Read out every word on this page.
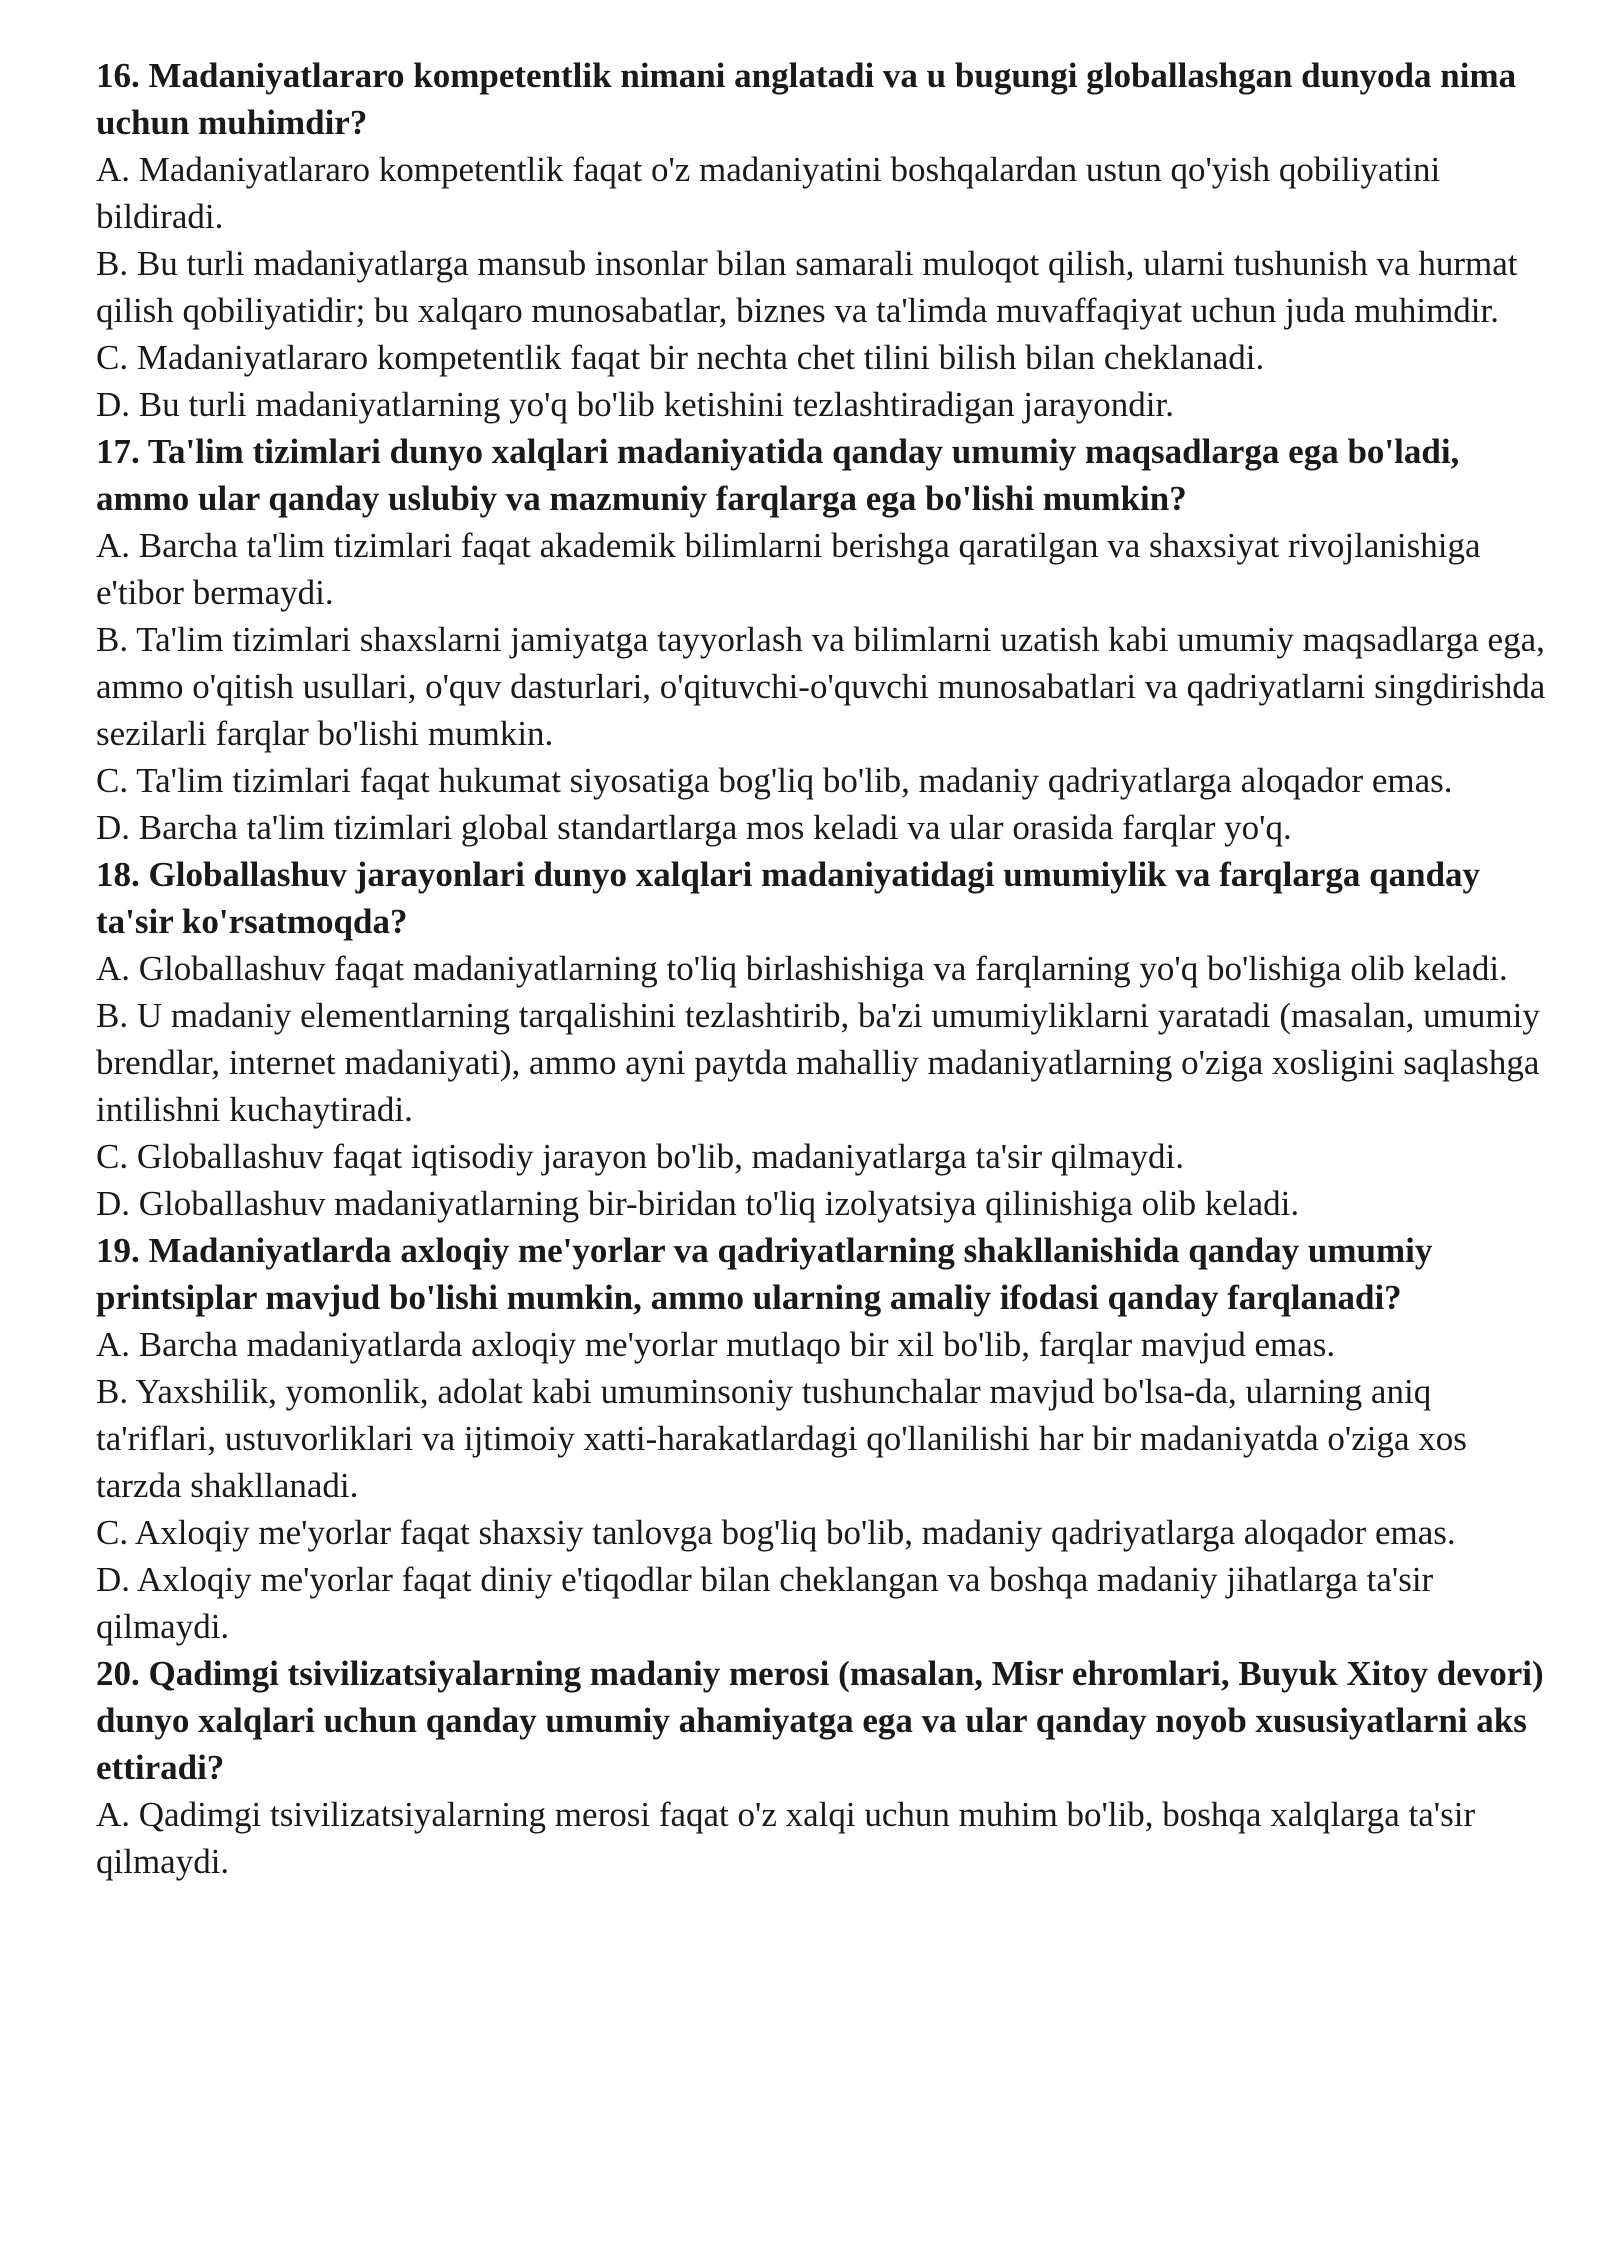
16. Madaniyatlararo kompetentlik nimani anglatadi va u bugungi globallashgan dunyoda nima uchun muhimdir?

A. Madaniyatlararo kompetentlik faqat o'z madaniyatini boshqalardan ustun qo'yish qobiliyatini bildiradi.

B. Bu turli madaniyatlarga mansub insonlar bilan samarali muloqot qilish, ularni tushunish va hurmat qilish qobiliyatidir; bu xalqaro munosabatlar, biznes va ta'limda muvaffaqiyat uchun juda muhimdir.

C. Madaniyatlararo kompetentlik faqat bir nechta chet tilini bilish bilan cheklanadi.

D. Bu turli madaniyatlarning yo'q bo'lib ketishini tezlashtiradigan jarayondir.

17. Ta'lim tizimlari dunyo xalqlari madaniyatida qanday umumiy maqsadlarga ega bo'ladi, ammo ular qanday uslubiy va mazmuniy farqlarga ega bo'lishi mumkin?

A. Barcha ta'lim tizimlari faqat akademik bilimlarni berishga qaratilgan va shaxsiyat rivojlanishiga e'tibor bermaydi.

B. Ta'lim tizimlari shaxslarni jamiyatga tayyorlash va bilimlarni uzatish kabi umumiy maqsadlarga ega, ammo o'qitish usullari, o'quv dasturlari, o'qituvchi-o'quvchi munosabatlari va qadriyatlarni singdirishda sezilarli farqlar bo'lishi mumkin.

C. Ta'lim tizimlari faqat hukumat siyosatiga bog'liq bo'lib, madaniy qadriyatlarga aloqador emas.

D. Barcha ta'lim tizimlari global standartlarga mos keladi va ular orasida farqlar yo'q.

18. Globallashuv jarayonlari dunyo xalqlari madaniyatidagi umumiylik va farqlarga qanday ta'sir ko'rsatmoqda?

A. Globallashuv faqat madaniyatlarning to'liq birlashishiga va farqlarning yo'q bo'lishiga olib keladi.

B. U madaniy elementlarning tarqalishini tezlashtirib, ba'zi umumiyliklarni yaratadi (masalan, umumiy brendlar, internet madaniyati), ammo ayni paytda mahalliy madaniyatlarning o'ziga xosligini saqlashga intilishni kuchaytiradi.

C. Globallashuv faqat iqtisodiy jarayon bo'lib, madaniyatlarga ta'sir qilmaydi.

D. Globallashuv madaniyatlarning bir-biridan to'liq izolyatsiya qilinishiga olib keladi.

19. Madaniyatlarda axloqiy me'yorlar va qadriyatlarning shakllanishida qanday umumiy printsiplar mavjud bo'lishi mumkin, ammo ularning amaliy ifodasi qanday farqlanadi?

A. Barcha madaniyatlarda axloqiy me'yorlar mutlaqo bir xil bo'lib, farqlar mavjud emas.

B. Yaxshilik, yomonlik, adolat kabi umuminsoniy tushunchalar mavjud bo'lsa-da, ularning aniq ta'riflari, ustuvorliklari va ijtimoiy xatti-harakatlardagi qo'llanilishi har bir madaniyatda o'ziga xos tarzda shakllanadi.

C. Axloqiy me'yorlar faqat shaxsiy tanlovga bog'liq bo'lib, madaniy qadriyatlarga aloqador emas.

D. Axloqiy me'yorlar faqat diniy e'tiqodlar bilan cheklangan va boshqa madaniy jihatlarga ta'sir qilmaydi.

20. Qadimgi tsivilizatsiyalarning madaniy merosi (masalan, Misr ehromlari, Buyuk Xitoy devori) dunyo xalqlari uchun qanday umumiy ahamiyatga ega va ular qanday noyob xususiyatlarni aks ettiradi?

A. Qadimgi tsivilizatsiyalarning merosi faqat o'z xalqi uchun muhim bo'lib, boshqa xalqlarga ta'sir qilmaydi.
